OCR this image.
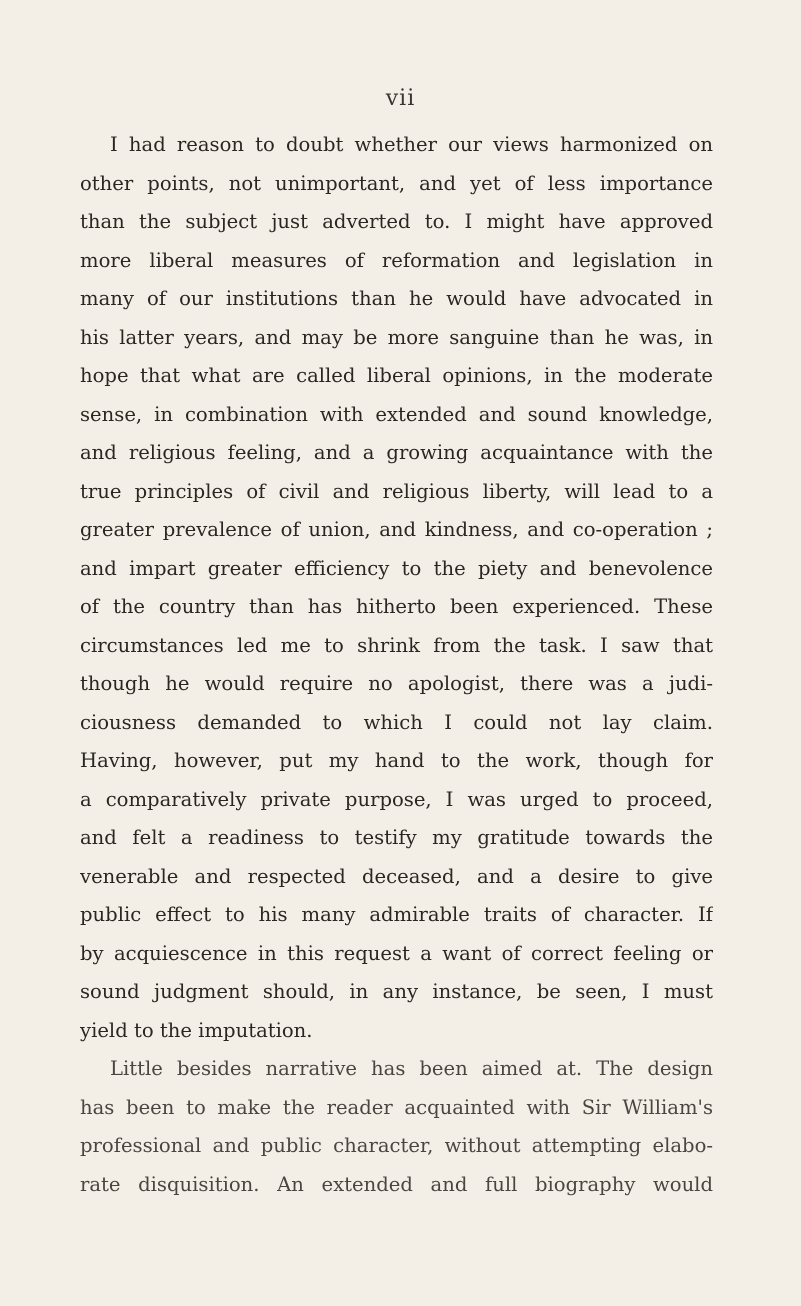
vii
I had reason to doubt whether our views harmonized on
other points, not unimportant, and yet of less importance
than the subject just adverted to. I might have approved
more liberal measures of reformation and legislation in
many of our institutions than he would have advocated in
his latter years, and may be more sanguine than he was, in
hope that what are called liberal opinions, in the moderate
sense, in combination with extended and sound knowledge,
and religious feeling, and a growing acquaintance with the
true principles of civil and religious liberty, will lead to a
greater prevalence of union, and kindness, and co-operation ;
and impart greater efficiency to the piety and benevolence
of the country than has hitherto been experienced. These
circumstances led me to shrink from the task. I saw that
though he would require no apologist, there was a judi-
ciousness demanded to which I could not lay claim.
Having, however, put my hand to the work, though for
a comparatively private purpose, I was urged to proceed,
and felt a readiness to testify my gratitude towards the
venerable and respected deceased, and a desire to give
public effect to his many admirable traits of character. If
by acquiescence in this request a want of correct feeling or
sound judgment should, in any instance, be seen, I must
yield to the imputation.
Little besides narrative has been aimed at. The design
has been to make the reader acquainted with Sir William's
professional and public character, without attempting elabo-
rate disquisition. An extended and full biography would
